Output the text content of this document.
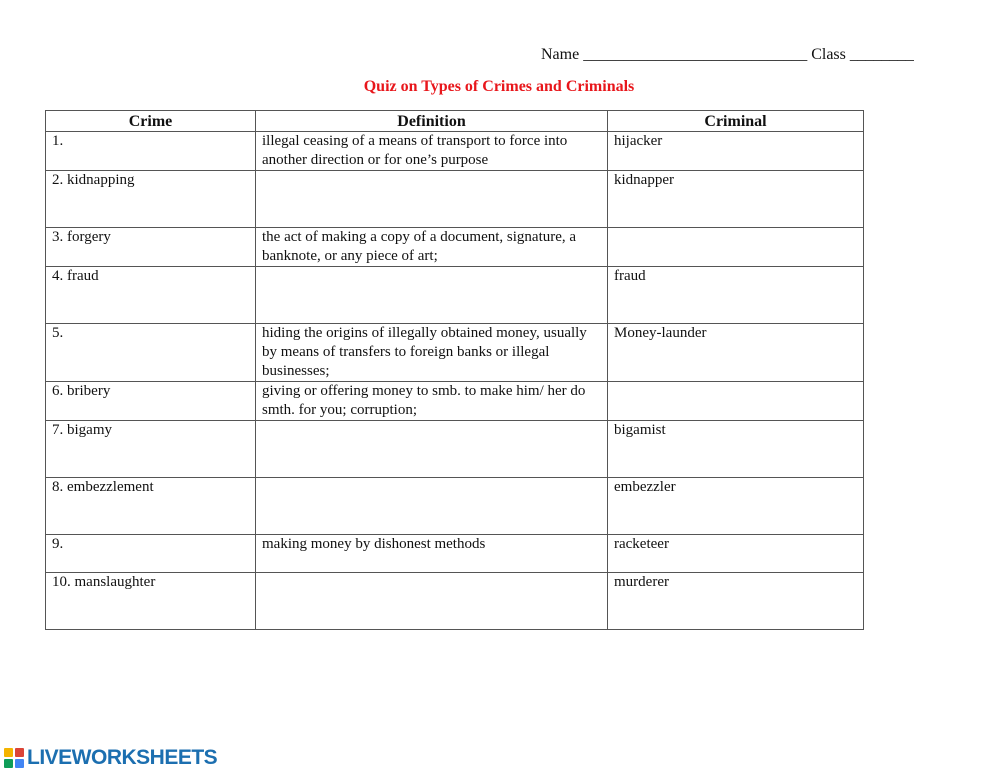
Name ____________________________ Class ________
Quiz on Types of Crimes and Criminals
Crime	Definition	Criminal
1.	illegal ceasing of a means of transport to force into another direction or for one’s purpose	hijacker
2. kidnapping		kidnapper
3. forgery	the act of making a copy of a document, signature, a banknote, or any piece of art;	
4. fraud		fraud
5.	hiding the origins of illegally obtained money, usually by means of transfers to foreign banks or illegal businesses;	Money-launder
6. bribery	giving or offering money to smb. to make him/ her do smth. for you; corruption;	
7. bigamy		bigamist
8. embezzlement		embezzler
9.	making money by dishonest methods	racketeer
10. manslaughter		murderer
LIVEWORKSHEETS
